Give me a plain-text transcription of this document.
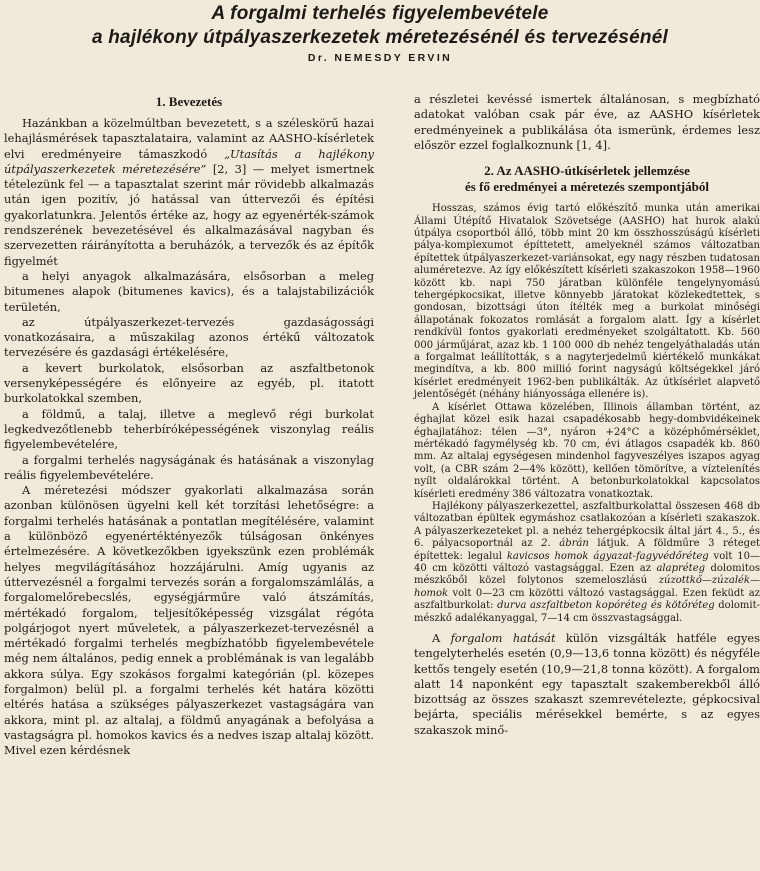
A forgalmi terhelés figyelembevétele
a hajlékony útpályaszerkezetek méretezésénél és tervezésénél
Dr. NEMESDY ERVIN
1. Bevezetés

Hazánkban a közelmúltban bevezetett, s a széleskörű hazai lehajlásmérések tapasztalataira, valamint az AASHO-kísérletek elvi eredményeire támaszkodó „Utasítás a hajlékony útpályaszerkezetek méretezésére” [2, 3] — melyet ismertnek tételezünk fel — a tapasztalat szerint már rövidebb alkalmazás után igen pozitív, jó hatással van úttervezői és építési gyakorlatunkra. Jelentős értéke az, hogy az egyenérték-számok rendszerének bevezetésével és alkalmazásával nagyban és szervezetten ráirányította a beruházók, a tervezők és az építők figyelmét

a helyi anyagok alkalmazására, elsősorban a meleg bitumenes alapok (bitumenes kavics), és a talajstabilizációk területén,

az útpályaszerkezet-tervezés gazdaságossági vonatkozásaira, a műszakilag azonos értékű változatok tervezésére és gazdasági értékelésére,

a kevert burkolatok, elsősorban az aszfaltbetonok versenyképességére és előnyeire az egyéb, pl. itatott burkolatokkal szemben,

a földmű, a talaj, illetve a meglevő régi burkolat legkedvezőtlenebb teherbíróképességének viszonylag reális figyelembevételére,

a forgalmi terhelés nagyságának és hatásának a viszonylag reális figyelembevételére.

A méretezési módszer gyakorlati alkalmazása során azonban különösen ügyelni kell két torzítási lehetőségre: a forgalmi terhelés hatásának a pontatlan megítélésére, valamint a különböző egyenértéktényezők túlságosan önkényes értelmezésére. A következőkben igyekszünk ezen problémák helyes megvilágításához hozzájárulni. Amíg ugyanis az úttervezésnél a forgalmi tervezés során a forgalomszámlálás, a forgalomelőrebecslés, egységjárműre való átszámítás, mértékadó forgalom, teljesítőképesség vizsgálat régóta polgárjogot nyert műveletek, a pályaszerkezet-tervezésnél a mértékadó forgalmi terhelés megbízhatóbb figyelembevétele még nem általános, pedig ennek a problémának is van legalább akkora súlya. Egy szokásos forgalmi kategórián (pl. közepes forgalmon) belül pl. a forgalmi terhelés két határa közötti eltérés hatása a szükséges pályaszerkezet vastagságára van akkora, mint pl. az altalaj, a földmű anyagának a befolyása a vastagságra pl. homokos kavics és a nedves iszap altalaj között. Mivel ezen kérdésnek

a részletei kevéssé ismertek általánosan, s megbízható adatokat valóban csak pár éve, az AASHO kísérletek eredményeinek a publikálása óta ismerünk, érdemes lesz először ezzel foglalkoznunk [1, 4].

2. Az AASHO-útkísérletek jellemzése
és fő eredményei a méretezés szempontjából

Hosszas, számos évig tartó előkészítő munka után amerikai Állami Útépítő Hivatalok Szövetsége (AASHO) hat hurok alakú útpálya csoportból álló, több mint 20 km összhosszúságú kísérleti pálya-komplexumot építtetett, amelyeknél számos változatban építettek útpályaszerkezet-variánsokat, egy nagy részben tudatosan aluméretezve. Az így előkészített kísérleti szakaszokon 1958—1960 között kb. napi 750 járatban különféle tengelynyomású tehergépkocsikat, illetve könnyebb járatokat közlekedtettek, s gondosan, bizottsági úton ítélték meg a burkolat minőségi állapotának fokozatos romlását a forgalom alatt. Így a kísérlet rendkívül fontos gyakorlati eredményeket szolgáltatott. Kb. 560 000 járműjárat, azaz kb. 1 100 000 db nehéz tengelyáthaladás után a forgalmat leállították, s a nagyterjedelmű kiértékelő munkákat megindítva, a kb. 800 millió forint nagyságú költségekkel járó kísérlet eredményeit 1962-ben publikálták. Az útkísérlet alapvető jelentőségét (néhány hiányossága ellenére is).

A kísérlet Ottawa közelében, Illinois államban történt, az éghajlat közel esik hazai csapadékosabb hegy-dombvidékeinek éghajlatához: télen —3°, nyáron +24°C a középhőmérséklet, mértékadó fagymélység kb. 70 cm, évi átlagos csapadék kb. 860 mm. Az altalaj egységesen mindenhol fagyveszélyes iszapos agyag volt, (a CBR szám 2—4% között), kellően tömörítve, a víztelenítés nyílt oldalárokkal történt. A betonburkolatokkal kapcsolatos kísérleti eredmény 386 változatra vonatkoztak.

Hajlékony pályaszerkezettel, aszfaltburkolattal összesen 468 db változatban épültek egymáshoz csatlakozóan a kísérleti szakaszok. A pályaszerkezeteket pl. a nehéz tehergépkocsik által járt 4., 5., és 6. pályacsoportnál az 2. ábrán látjuk. A földműre 3 réteget építettek: legalul kavicsos homok ágyazat-fagyvédőréteg volt 10—40 cm közötti változó vastagsággal. Ezen az alapréteg dolomitos mészkőből közel folytonos szemeloszlású zúzottkő—zúzalék—homok volt 0—23 cm közötti változó vastagsággal. Ezen feküdt az aszfaltburkolat: durva aszfaltbeton kopóréteg és kötőréteg dolomit-mészkő adalékanyaggal, 7—14 cm összvastagsággal.

A forgalom hatását külön vizsgálták hatféle egyes tengelyterhelés esetén (0,9—13,6 tonna között) és négyféle kettős tengely esetén (10,9—21,8 tonna között). A forgalom alatt 14 naponként egy tapasztalt szakemberekből álló bizottság az összes szakaszt szemrevételezte, gépkocsival bejárta, speciális mérésekkel bemérte, s az egyes szakaszok minő-
